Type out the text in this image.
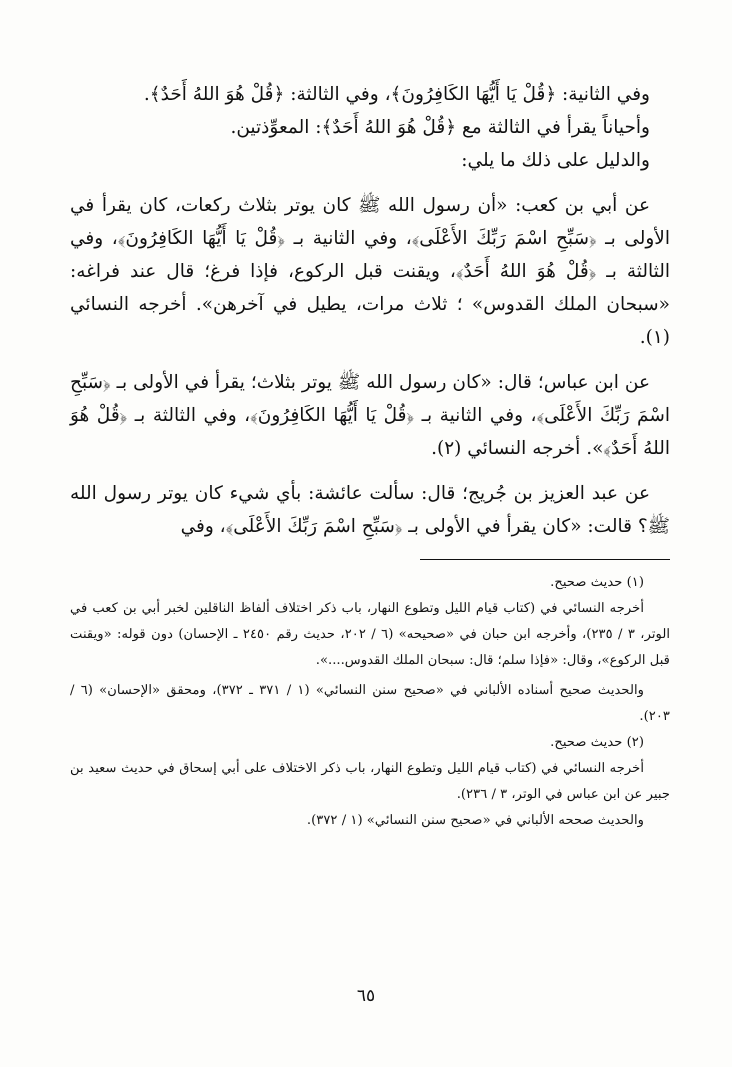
وفي الثانية: ﴿قُلْ يَا أَيُّهَا الكَافِرُونَ﴾، وفي الثالثة: ﴿قُلْ هُوَ اللهُ أَحَدٌ﴾.

وأحياناً يقرأ في الثالثة مع ﴿قُلْ هُوَ اللهُ أَحَدٌ﴾: المعوِّذتين.

والدليل على ذلك ما يلي:

عن أبي بن كعب: «أن رسول الله ﷺ كان يوتر بثلاث ركعات، كان يقرأ في الأولى بـ ﴿سَبِّحِ اسْمَ رَبِّكَ الأَعْلَى﴾، وفي الثانية بـ ﴿قُلْ يَا أَيُّهَا الكَافِرُونَ﴾، وفي الثالثة بـ ﴿قُلْ هُوَ اللهُ أَحَدٌ﴾، ويقنت قبل الركوع، فإذا فرغ؛ قال عند فراغه: «سبحان الملك القدوس» ؛ ثلاث مرات، يطيل في آخرهن». أخرجه النسائي (١).

عن ابن عباس؛ قال: «كان رسول الله ﷺ يوتر بثلاث؛ يقرأ في الأولى بـ ﴿سَبِّحِ اسْمَ رَبِّكَ الأَعْلَى﴾، وفي الثانية بـ ﴿قُلْ يَا أَيُّهَا الكَافِرُونَ﴾، وفي الثالثة بـ ﴿قُلْ هُوَ اللهُ أَحَدٌ﴾». أخرجه النسائي (٢).

عن عبد العزيز بن جُريج؛ قال: سألت عائشة: بأي شيء كان يوتر رسول الله ﷺ؟ قالت: «كان يقرأ في الأولى بـ ﴿سَبِّحِ اسْمَ رَبِّكَ الأَعْلَى﴾، وفي

(١) حديث صحيح.

أخرجه النسائي في (كتاب قيام الليل وتطوع النهار، باب ذكر اختلاف ألفاظ الناقلين لخبر أبي بن كعب في الوتر، ٣ / ٢٣٥)، وأخرجه ابن حبان في «صحيحه» (٦ / ٢٠٢، حديث رقم ٢٤٥٠ ـ الإحسان) دون قوله: «ويقنت قبل الركوع»، وقال: «فإذا سلم؛ قال: سبحان الملك القدوس....».

والحديث صحيح أسناده الألباني في «صحيح سنن النسائي» (١ / ٣٧١ ـ ٣٧٢)، ومحقق «الإحسان» (٦ / ٢٠٣).

(٢) حديث صحيح.

أخرجه النسائي في (كتاب قيام الليل وتطوع النهار، باب ذكر الاختلاف على أبي إسحاق في حديث سعيد بن جبير عن ابن عباس في الوتر، ٣ / ٢٣٦).

والحديث صححه الألباني في «صحيح سنن النسائي» (١ / ٣٧٢).

٦٥
